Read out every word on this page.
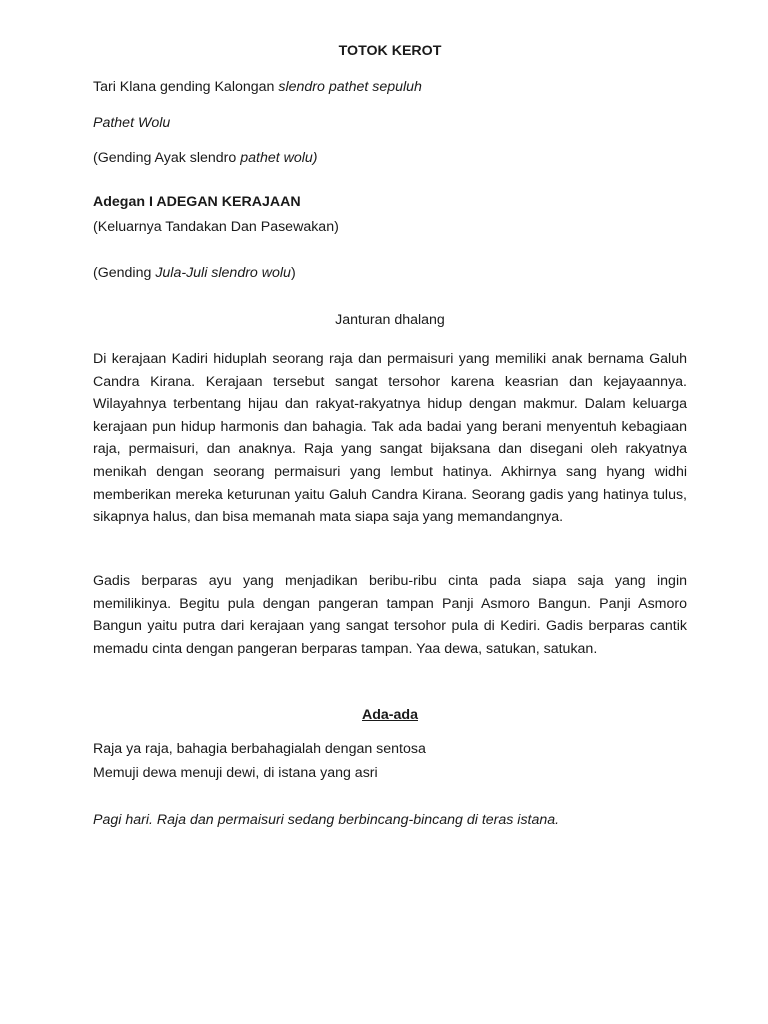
TOTOK KEROT
Tari Klana gending Kalongan slendro pathet sepuluh
Pathet Wolu
(Gending Ayak slendro pathet wolu)
Adegan I ADEGAN KERAJAAN
(Keluarnya Tandakan Dan Pasewakan)
(Gending Jula-Juli slendro wolu)
Janturan dhalang

Di kerajaan Kadiri hiduplah seorang raja dan permaisuri yang memiliki anak bernama Galuh Candra Kirana. Kerajaan tersebut sangat tersohor karena keasrian dan kejayaannya. Wilayahnya terbentang hijau dan rakyat-rakyatnya hidup dengan makmur. Dalam keluarga kerajaan pun hidup harmonis dan bahagia. Tak ada badai yang berani menyentuh kebagiaan raja, permaisuri, dan anaknya. Raja yang sangat bijaksana dan disegani oleh rakyatnya menikah dengan seorang permaisuri yang lembut hatinya. Akhirnya sang hyang widhi memberikan mereka keturunan yaitu Galuh Candra Kirana. Seorang gadis yang hatinya tulus, sikapnya halus, dan bisa memanah mata siapa saja yang memandangnya.

Gadis berparas ayu yang menjadikan beribu-ribu cinta pada siapa saja yang ingin memilikinya. Begitu pula dengan pangeran tampan Panji Asmoro Bangun. Panji Asmoro Bangun yaitu putra dari kerajaan yang sangat tersohor pula di Kediri. Gadis berparas cantik memadu cinta dengan pangeran berparas tampan. Yaa dewa, satukan, satukan.

Ada-ada
Raja ya raja, bahagia berbahagialah dengan sentosa
Memuji dewa menuji dewi, di istana yang asri
Pagi hari. Raja dan permaisuri sedang berbincang-bincang di teras istana.
